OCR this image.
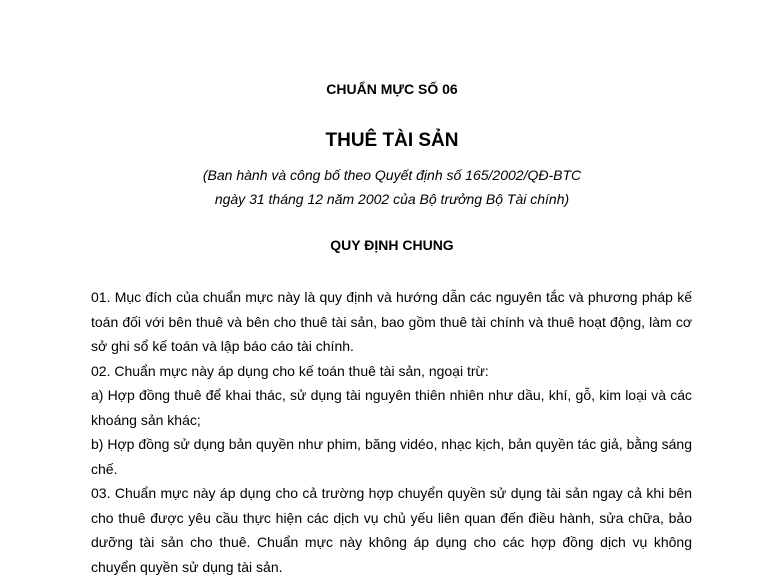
CHUẨN MỰC SỐ 06
THUÊ TÀI SẢN
(Ban hành và công bố theo Quyết định số 165/2002/QĐ-BTC
ngày 31 tháng 12 năm 2002 của Bộ trưởng Bộ Tài chính)
QUY ĐỊNH CHUNG

01. Mục đích của chuẩn mực này là quy định và hướng dẫn các nguyên tắc và phương pháp kế toán đối với bên thuê và bên cho thuê tài sản, bao gồm thuê tài chính và thuê hoạt động, làm cơ sở ghi sổ kế toán và lập báo cáo tài chính.

02. Chuẩn mực này áp dụng cho kế toán thuê tài sản, ngoại trừ:

a) Hợp đồng thuê để khai thác, sử dụng tài nguyên thiên nhiên như dầu, khí, gỗ, kim loại và các khoáng sản khác;

b) Hợp đồng sử dụng bản quyền như phim, băng vidéo, nhạc kịch, bản quyền tác giả, bằng sáng chế.

03. Chuẩn mực này áp dụng cho cả trường hợp chuyển quyền sử dụng tài sản ngay cả khi bên cho thuê được yêu cầu thực hiện các dịch vụ chủ yếu liên quan đến điều hành, sửa chữa, bảo dưỡng tài sản cho thuê. Chuẩn mực này không áp dụng cho các hợp đồng dịch vụ không chuyển quyền sử dụng tài sản.
